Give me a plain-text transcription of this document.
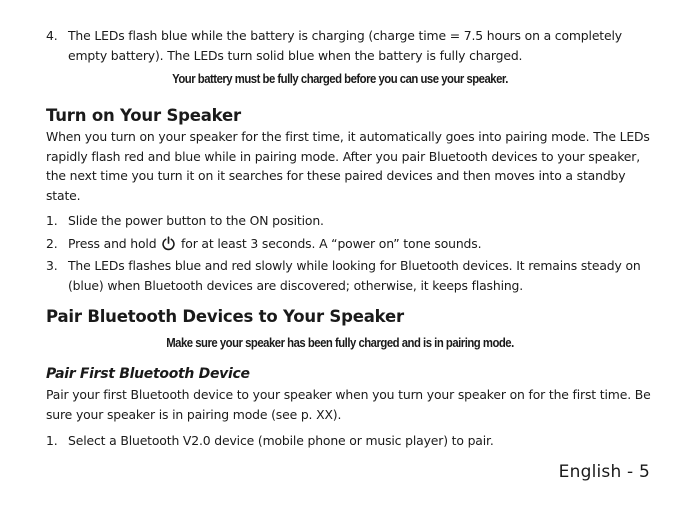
4. The LEDs flash blue while the battery is charging (charge time = 7.5 hours on a completely empty battery). The LEDs turn solid blue when the battery is fully charged.
Your battery must be fully charged before you can use your speaker.
Turn on Your Speaker
When you turn on your speaker for the first time, it automatically goes into pairing mode. The LEDs rapidly flash red and blue while in pairing mode. After you pair Bluetooth devices to your speaker, the next time you turn it on it searches for these paired devices and then moves into a standby state.
1. Slide the power button to the ON position.
2. Press and hold for at least 3 seconds. A “power on” tone sounds.
3. The LEDs flashes blue and red slowly while looking for Bluetooth devices. It remains steady on (blue) when Bluetooth devices are discovered; otherwise, it keeps flashing.
Pair Bluetooth Devices to Your Speaker
Make sure your speaker has been fully charged and is in pairing mode.
Pair First Bluetooth Device
Pair your first Bluetooth device to your speaker when you turn your speaker on for the first time. Be sure your speaker is in pairing mode (see p. XX).
1. Select a Bluetooth V2.0 device (mobile phone or music player) to pair.
English - 5
